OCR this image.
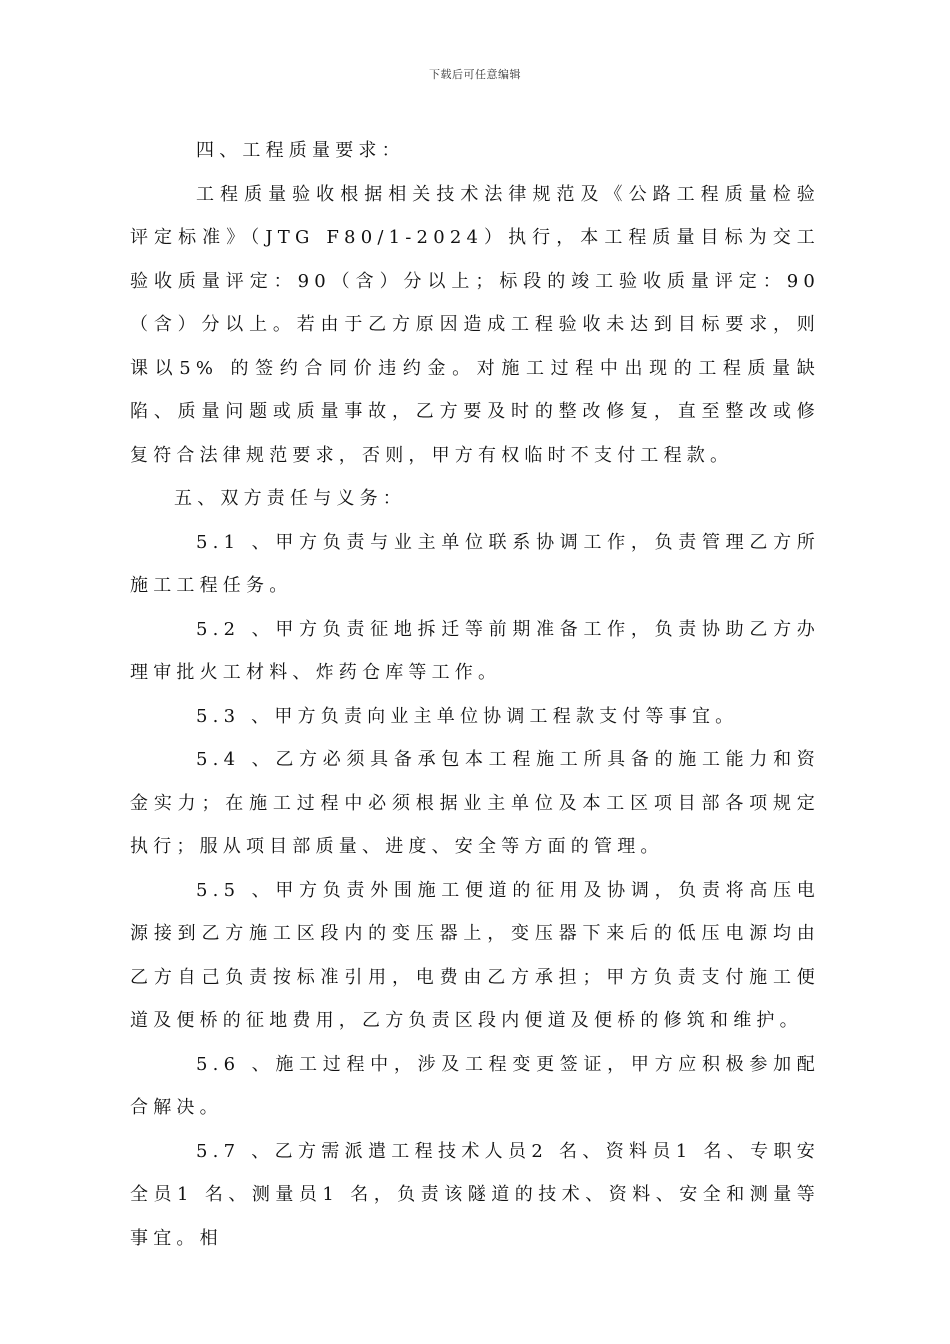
下载后可任意编辑

四、工程质量要求：

工程质量验收根据相关技术法律规范及《公路工程质量检验评定标准》（JTG F80/1-2024）执行，本工程质量目标为交工验收质量评定：90（含）分以上；标段的竣工验收质量评定：90（含）分以上。若由于乙方原因造成工程验收未达到目标要求，则课以5% 的签约合同价违约金。对施工过程中出现的工程质量缺陷、质量问题或质量事故，乙方要及时的整改修复，直至整改或修复符合法律规范要求，否则，甲方有权临时不支付工程款。

五、双方责任与义务：

5.1 、甲方负责与业主单位联系协调工作，负责管理乙方所施工工程任务。

5.2 、甲方负责征地拆迁等前期准备工作，负责协助乙方办理审批火工材料、炸药仓库等工作。

5.3 、甲方负责向业主单位协调工程款支付等事宜。

5.4 、乙方必须具备承包本工程施工所具备的施工能力和资金实力；在施工过程中必须根据业主单位及本工区项目部各项规定执行；服从项目部质量、进度、安全等方面的管理。

5.5 、甲方负责外围施工便道的征用及协调，负责将高压电源接到乙方施工区段内的变压器上，变压器下来后的低压电源均由乙方自己负责按标准引用，电费由乙方承担；甲方负责支付施工便道及便桥的征地费用，乙方负责区段内便道及便桥的修筑和维护。

5.6 、施工过程中，涉及工程变更签证，甲方应积极参加配合解决。

5.7 、乙方需派遣工程技术人员2 名、资料员1 名、专职安全员1 名、测量员1 名，负责该隧道的技术、资料、安全和测量等事宜。相
